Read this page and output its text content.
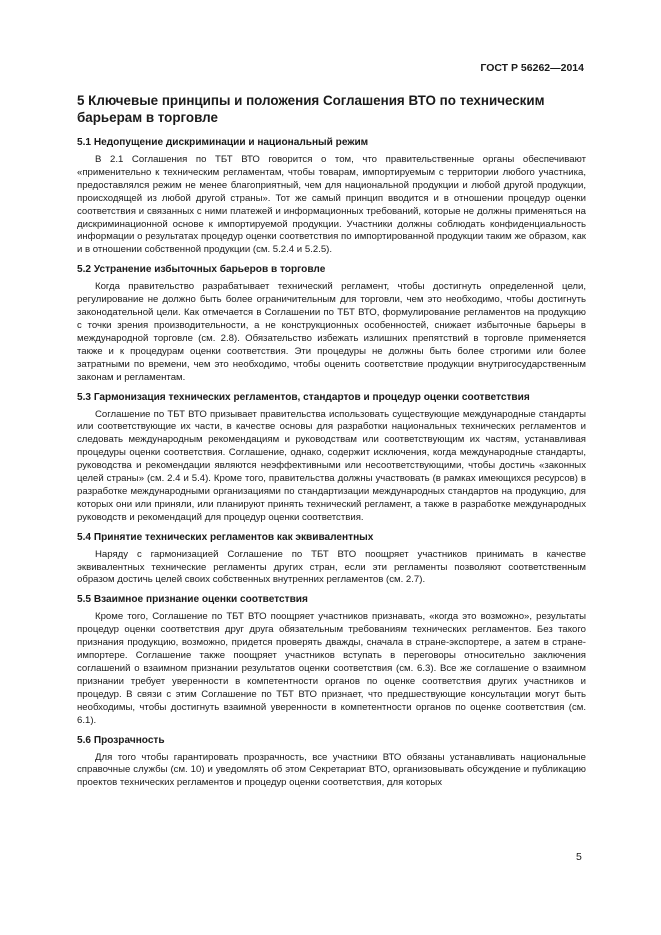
ГОСТ Р 56262—2014
5 Ключевые принципы и положения Соглашения ВТО по техническим барьерам в торговле
5.1 Недопущение дискриминации и национальный режим

В 2.1 Соглашения по ТБТ ВТО говорится о том, что правительственные органы обеспечивают «применительно к техническим регламентам, чтобы товарам, импортируемым с территории любого участника, предоставлялся режим не менее благоприятный, чем для национальной продукции и любой другой продукции, происходящей из любой другой страны». Тот же самый принцип вводится и в отношении процедур оценки соответствия и связанных с ними платежей и информационных требований, которые не должны применяться на дискриминационной основе к импортируемой продукции. Участники должны соблюдать конфиденциальность информации о результатах процедур оценки соответствия по импортированной продукции таким же образом, как и в отношении собственной продукции (см. 5.2.4 и 5.2.5).

5.2 Устранение избыточных барьеров в торговле

Когда правительство разрабатывает технический регламент, чтобы достигнуть определенной цели, регулирование не должно быть более ограничительным для торговли, чем это необходимо, чтобы достигнуть законодательной цели. Как отмечается в Соглашении по ТБТ ВТО, формулирование регламентов на продукцию с точки зрения производительности, а не конструкционных особенностей, снижает избыточные барьеры в международной торговле (см. 2.8). Обязательство избежать излишних препятствий в торговле применяется также и к процедурам оценки соответствия. Эти процедуры не должны быть более строгими или более затратными по времени, чем это необходимо, чтобы оценить соответствие продукции внутригосударственным законам и регламентам.

5.3 Гармонизация технических регламентов, стандартов и процедур оценки соответствия

Соглашение по ТБТ ВТО призывает правительства использовать существующие международные стандарты или соответствующие их части, в качестве основы для разработки национальных технических регламентов и следовать международным рекомендациям и руководствам или соответствующим их частям, устанавливая процедуры оценки соответствия. Соглашение, однако, содержит исключения, когда международные стандарты, руководства и рекомендации являются неэффективными или несоответствующими, чтобы достичь «законных целей страны» (см. 2.4 и 5.4). Кроме того, правительства должны участвовать (в рамках имеющихся ресурсов) в разработке международными организациями по стандартизации международных стандартов на продукцию, для которых они или приняли, или планируют принять технический регламент, а также в разработке международных руководств и рекомендаций для процедур оценки соответствия.

5.4 Принятие технических регламентов как эквивалентных

Наряду с гармонизацией Соглашение по ТБТ ВТО поощряет участников принимать в качестве эквивалентных технические регламенты других стран, если эти регламенты позволяют соответственным образом достичь целей своих собственных внутренних регламентов (см. 2.7).

5.5 Взаимное признание оценки соответствия

Кроме того, Соглашение по ТБТ ВТО поощряет участников признавать, «когда это возможно», результаты процедур оценки соответствия друг друга обязательным требованиям технических регламентов. Без такого признания продукцию, возможно, придется проверять дважды, сначала в стране-экспортере, а затем в стране-импортере. Соглашение также поощряет участников вступать в переговоры относительно заключения соглашений о взаимном признании результатов оценки соответствия (см. 6.3). Все же соглашение о взаимном признании требует уверенности в компетентности органов по оценке соответствия других участников и процедур. В связи с этим Соглашение по ТБТ ВТО признает, что предшествующие консультации могут быть необходимы, чтобы достигнуть взаимной уверенности в компетентности органов по оценке соответствия (см. 6.1).

5.6 Прозрачность

Для того чтобы гарантировать прозрачность, все участники ВТО обязаны устанавливать национальные справочные службы (см. 10) и уведомлять об этом Секретариат ВТО, организовывать обсуждение и публикацию проектов технических регламентов и процедур оценки соответствия, для которых

5
